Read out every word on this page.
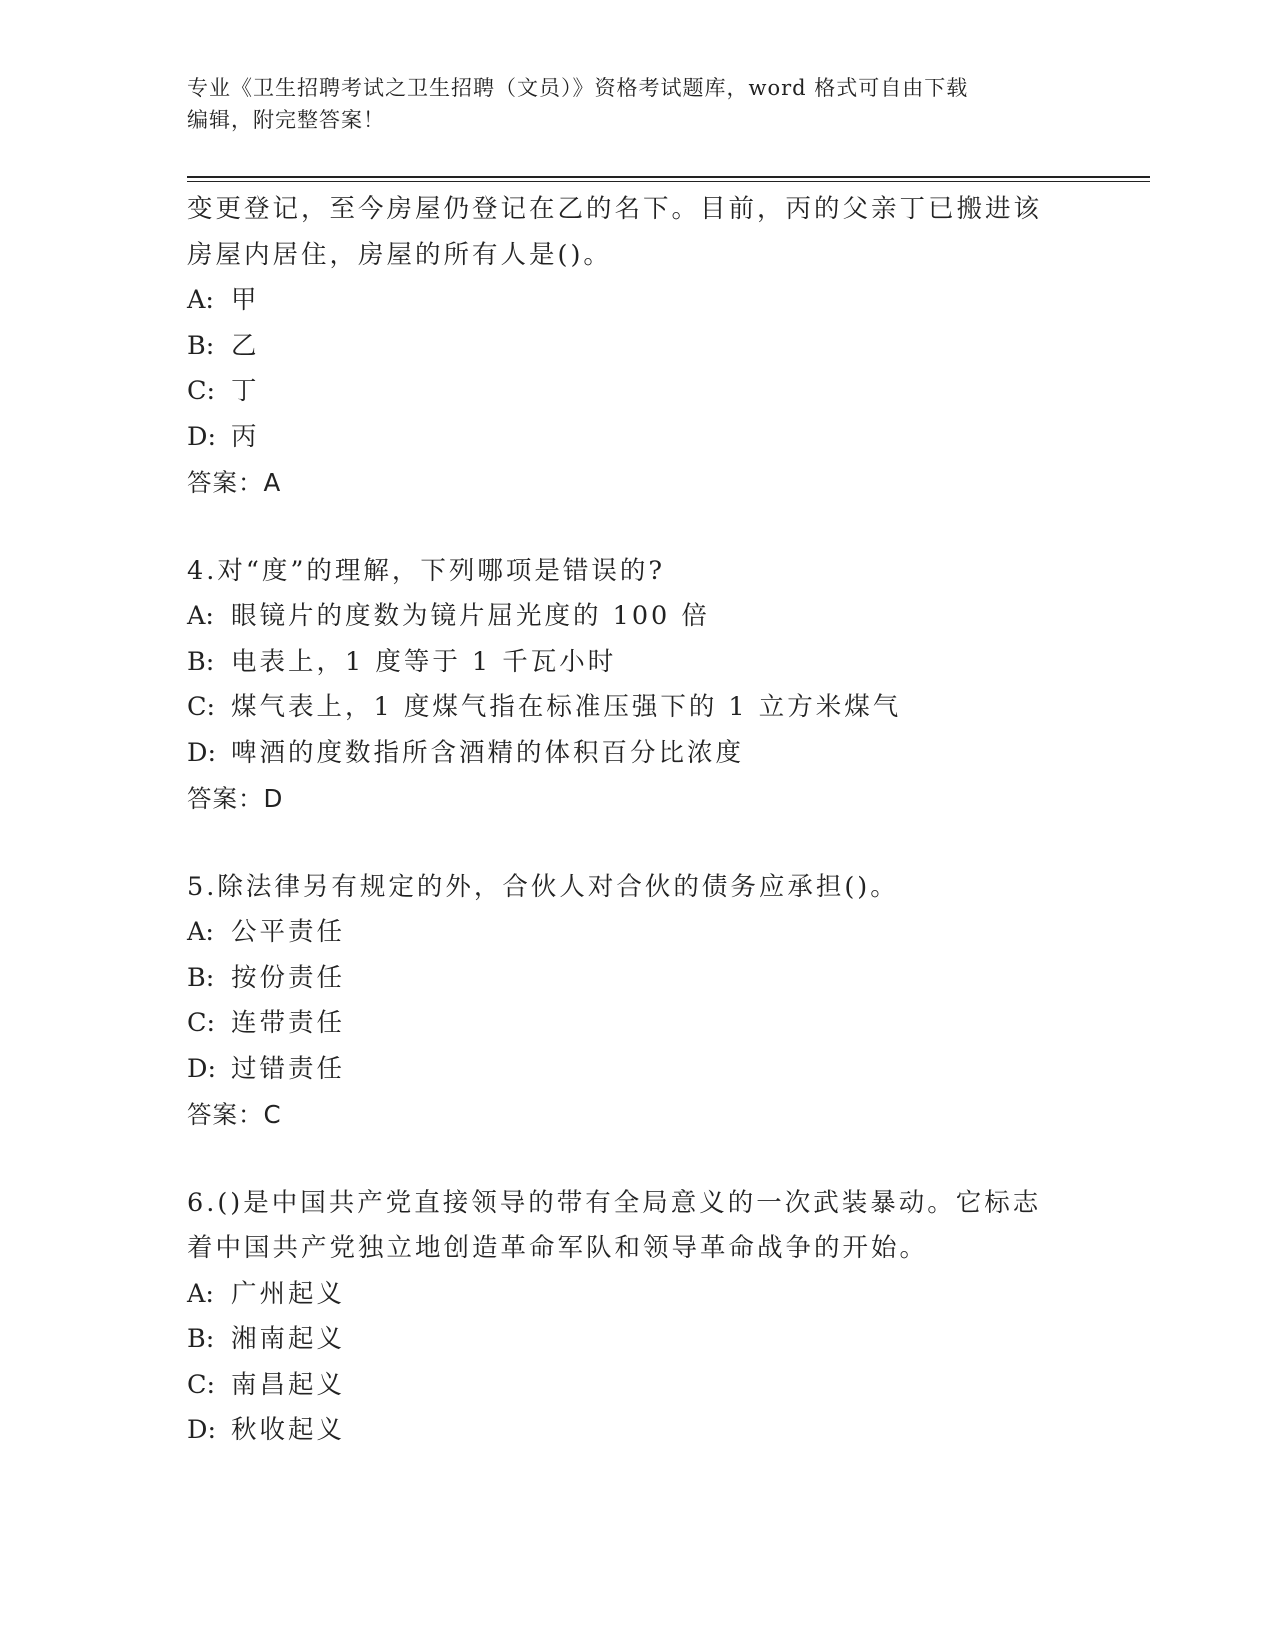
专业《卫生招聘考试之卫生招聘（文员）》资格考试题库，word 格式可自由下载
编辑，附完整答案！
变更登记，至今房屋仍登记在乙的名下。目前，丙的父亲丁已搬进该
房屋内居住，房屋的所有人是()。
A: 甲
B: 乙
C: 丁
D: 丙
答案：A
4.对“度”的理解，下列哪项是错误的?
A: 眼镜片的度数为镜片屈光度的 100 倍
B: 电表上，1 度等于 1 千瓦小时
C: 煤气表上，1 度煤气指在标准压强下的 1 立方米煤气
D: 啤酒的度数指所含酒精的体积百分比浓度
答案：D
5.除法律另有规定的外，合伙人对合伙的债务应承担()。
A: 公平责任
B: 按份责任
C: 连带责任
D: 过错责任
答案：C
6.()是中国共产党直接领导的带有全局意义的一次武装暴动。它标志
着中国共产党独立地创造革命军队和领导革命战争的开始。
A: 广州起义
B: 湘南起义
C: 南昌起义
D: 秋收起义
